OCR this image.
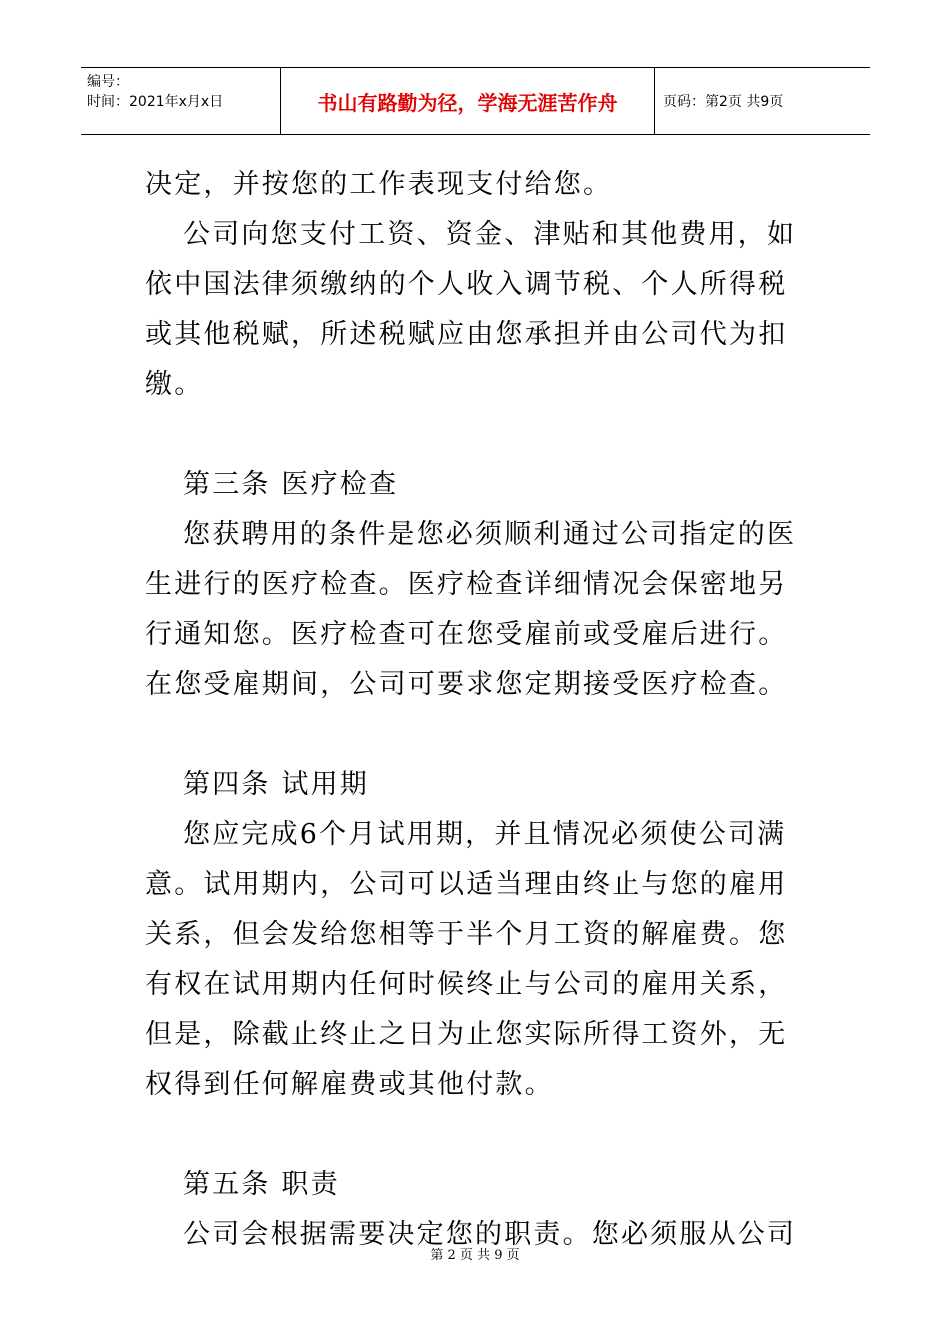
编号：
时间：2021年x月x日	书山有路勤为径，学海无涯苦作舟	页码：第2页 共9页

决定，并按您的工作表现支付给您。

公司向您支付工资、资金、津贴和其他费用，如依中国法律须缴纳的个人收入调节税、个人所得税或其他税赋，所述税赋应由您承担并由公司代为扣缴。

第三条 医疗检查

您获聘用的条件是您必须顺利通过公司指定的医生进行的医疗检查。医疗检查详细情况会保密地另行通知您。医疗检查可在您受雇前或受雇后进行。在您受雇期间，公司可要求您定期接受医疗检查。

第四条 试用期

您应完成6个月试用期，并且情况必须使公司满意。试用期内，公司可以适当理由终止与您的雇用关系，但会发给您相等于半个月工资的解雇费。您有权在试用期内任何时候终止与公司的雇用关系，但是，除截止终止之日为止您实际所得工资外，无权得到任何解雇费或其他付款。

第五条 职责

公司会根据需要决定您的职责。您必须服从公司

第 2 页 共 9 页
